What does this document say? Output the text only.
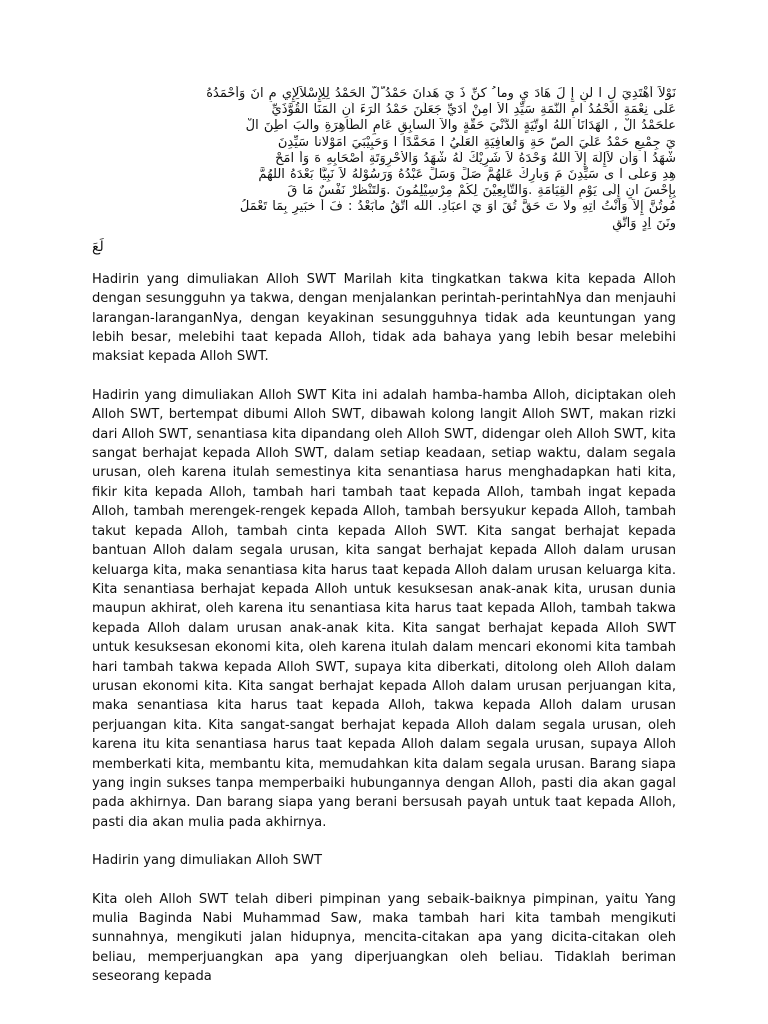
نَوْلاَ أُهْتَدِيَ لِ ا لنِ إِ لَ هَادَ يٍ وما ُ كنِّ ذَ يَ هَدانَ حَمْدُ ٌّلَّ الْحَمْدُ لِلِإِسْلاَلِإِي مِ انَ وَأحْمَدُهُ
عَلَى نِعْمَةِ آَلَحْمُدُ امِ النَّمَةِ سَيِّدِ الأَ امِنْ أُدَيِّ جَعَلَنَ حَمْدُ اَّلْرَءَ اَنِ الْمَنَا الْقُوَّذَيِّ
علَّحَمْدُ الْ , الْهَدَانَا اللّهُ اوتَّيَةٍ الدُّنْيَ حَقَّةٍ والاَّ السابِقِ عَامٍ الطِّاهِرَةِ والْبَ اطِنَ الْ
يَ جِمْيعِ حَمْدُ عَلَيَ الصّ حَةِ وَالعافِيَةِ الْعَلَيُ ا مَحَمَّدًا ا وَحَبِيْبَيَ امَوْلانا سَيِّدِنَ
شْهَدُ أَ وَأَن لاَإِلَهَ إِلاَّ اللهُ وَحْدَهُ لاَ شَرِيْكَ لَهُ شْهَدُ وَالأَحْرِوَتَةِ أَصْحَابِهِ هَ وَأ امَحْ
هِدِ وَعلَى آَ ى سَيِّدِنَ مَ وَبارِكْ عَلْهُمَّ صَلِّ وَسَلِّ عَبْدُهُ وَرَسُوْلُهُ لاَ نَبِيَّا بَعْدَهُ الَّلهُمَّ
بِإِحْسَ انٍ إِلَى يَوْمِ القِيَامَةِ .وَالتَّابِعِيْنَ لِكُمْ مِرْسِيْلِمُونَ .وَلْتَنْظُرْ نَفْسٌ مَا قَ
مُوتُنَّ إِلاَّ وَأَنْتُ اتِهِ ولا تَ حَقَّ تُقَ اوَ يَ اعبَادِ. الله اتَّقُ ماَبَعْدُ : فَ أَ خبَيرِ بِمَا تَعْمَلُ
ونَنَ اِدٍ وَاتَّقِ
لَعَ

Hadirin yang dimuliakan Alloh SWT Marilah kita tingkatkan takwa kita kepada Alloh dengan sesungguhn ya takwa, dengan menjalankan perintah-perintahNya dan menjauhi larangan-laranganNya, dengan keyakinan sesungguhnya tidak ada keuntungan yang lebih besar, melebihi taat kepada Alloh, tidak ada bahaya yang lebih besar melebihi maksiat kepada Alloh SWT.

Hadirin yang dimuliakan Alloh SWT Kita ini adalah hamba-hamba Alloh, diciptakan oleh Alloh SWT, bertempat dibumi Alloh SWT, dibawah kolong langit Alloh SWT, makan rizki dari Alloh SWT, senantiasa kita dipandang oleh Alloh SWT, didengar oleh Alloh SWT, kita sangat berhajat kepada Alloh SWT, dalam setiap keadaan, setiap waktu, dalam segala urusan, oleh karena itulah semestinya kita senantiasa harus menghadapkan hati kita, fikir kita kepada Alloh, tambah hari tambah taat kepada Alloh, tambah ingat kepada Alloh, tambah merengek-rengek kepada Alloh, tambah bersyukur kepada Alloh, tambah takut kepada Alloh, tambah cinta kepada Alloh SWT. Kita sangat berhajat kepada bantuan Alloh dalam segala urusan, kita sangat berhajat kepada Alloh dalam urusan keluarga kita, maka senantiasa kita harus taat kepada Alloh dalam urusan keluarga kita. Kita senantiasa berhajat kepada Alloh untuk kesuksesan anak-anak kita, urusan dunia maupun akhirat, oleh karena itu senantiasa kita harus taat kepada Alloh, tambah takwa kepada Alloh dalam urusan anak-anak kita. Kita sangat berhajat kepada Alloh SWT untuk kesuksesan ekonomi kita, oleh karena itulah dalam mencari ekonomi kita tambah hari tambah takwa kepada Alloh SWT, supaya kita diberkati, ditolong oleh Alloh dalam urusan ekonomi kita. Kita sangat berhajat kepada Alloh dalam urusan perjuangan kita, maka senantiasa kita harus taat kepada Alloh, takwa kepada Alloh dalam urusan perjuangan kita. Kita sangat-sangat berhajat kepada Alloh dalam segala urusan, oleh karena itu kita senantiasa harus taat kepada Alloh dalam segala urusan, supaya Alloh memberkati kita, membantu kita, memudahkan kita dalam segala urusan. Barang siapa yang ingin sukses tanpa memperbaiki hubungannya dengan Alloh, pasti dia akan gagal pada akhirnya. Dan barang siapa yang berani bersusah payah untuk taat kepada Alloh, pasti dia akan mulia pada akhirnya.

Hadirin yang dimuliakan Alloh SWT

Kita oleh Alloh SWT telah diberi pimpinan yang sebaik-baiknya pimpinan, yaitu Yang mulia Baginda Nabi Muhammad Saw, maka tambah hari kita tambah mengikuti sunnahnya, mengikuti jalan hidupnya, mencita-citakan apa yang dicita-citakan oleh beliau, memperjuangkan apa yang diperjuangkan oleh beliau. Tidaklah beriman seseorang kepada
